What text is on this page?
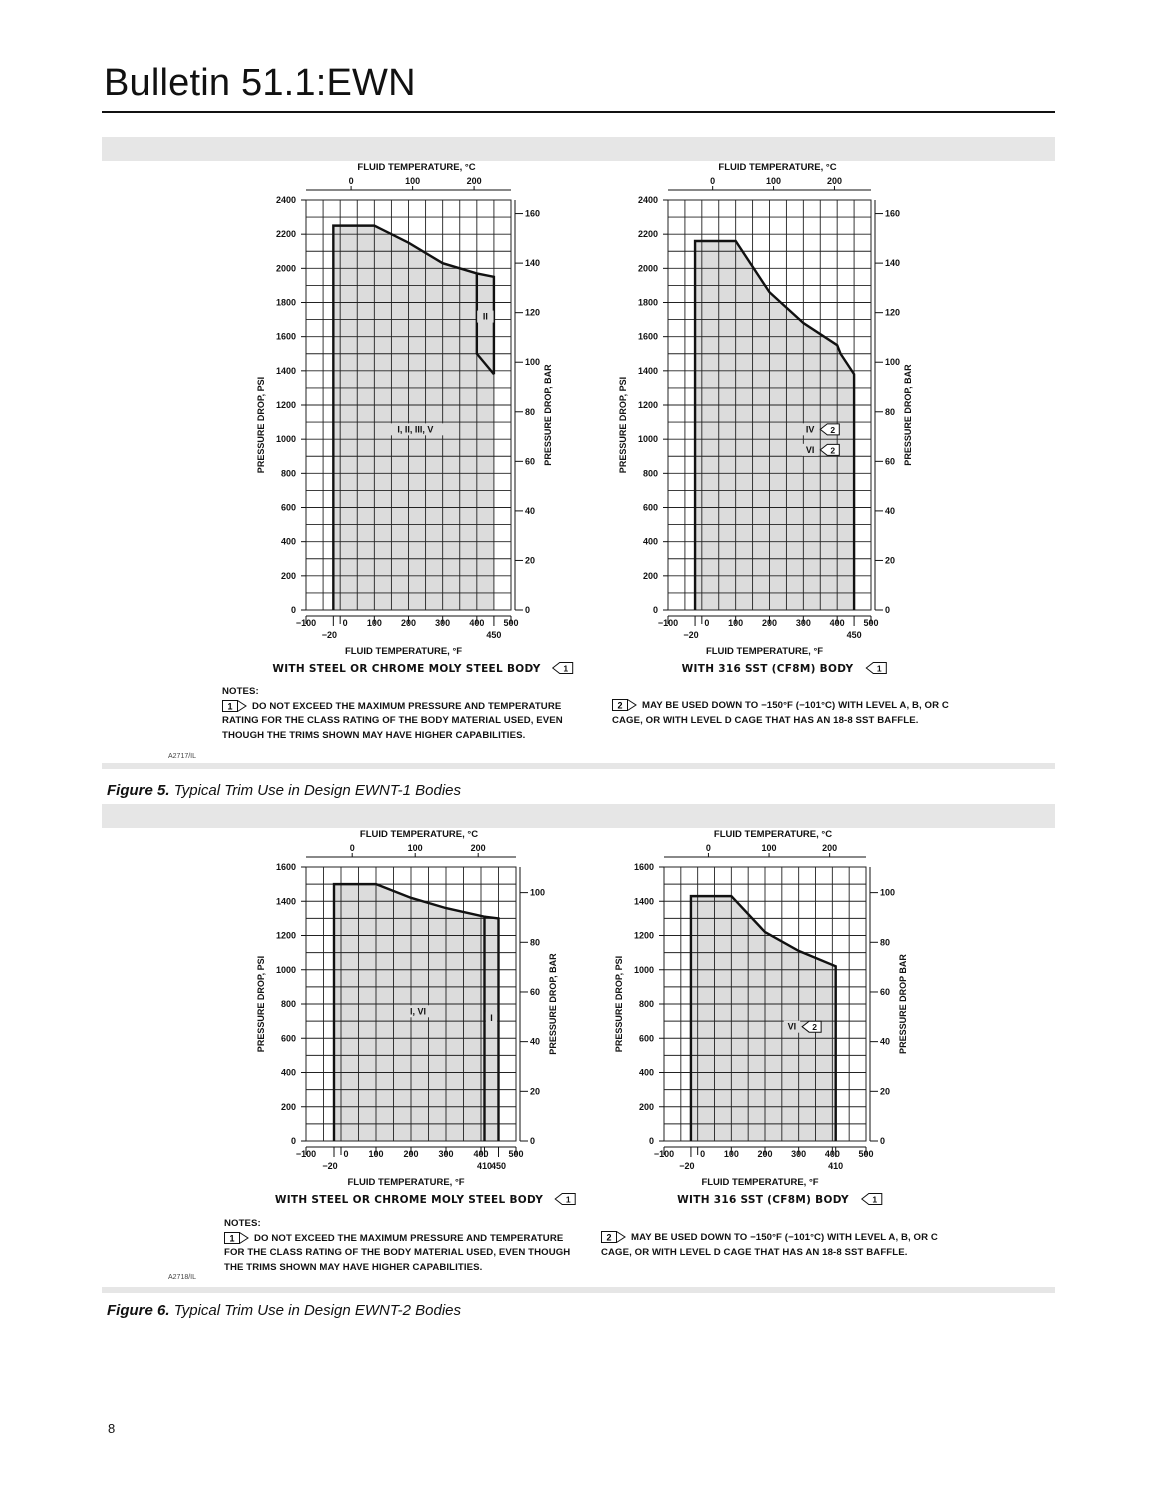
Bulletin 51.1:EWN
Figure 5. Typical Trim Use in Design EWNT-1 Bodies
A2717/IL
Figure 6. Typical Trim Use in Design EWNT-2 Bodies
A2718/IL
0
200
400
600
800
1000
1200
1400
1600
1800
2000
2200
2400
0
20
40
60
80
100
120
140
160
0	100	200
FLUID TEMPERATURE, °C
−100	0 100 200 300 400 500
−20	450
FLUID TEMPERATURE, °F
WITH STEEL OR CHROME MOLY STEEL BODY	1
PRESSURE DROP, PSI	PRESSURE DROP, BAR
I, II, III, V
II
0
200
400
600
800
1000
1200
1400
1600
1800
2000
2200
2400
0
20
40
60
80
100
120
140
160
0	100	200
FLUID TEMPERATURE, °C
−100	0 100 200 300 400 500
−20	450
FLUID TEMPERATURE, °F
WITH 316 SST (CF8M) BODY	1
PRESSURE DROP, PSI	PRESSURE DROP, BAR
IV 2
VI 2
0
200
400
600
800
1000
1200
1400
1600
0
20
40
60
80
100
0	100	200
FLUID TEMPERATURE, °C
−100	0 100 200 300 400 500
−20	410
450
FLUID TEMPERATURE, °F
WITH STEEL OR CHROME MOLY STEEL BODY	1
PRESSURE DROP, PSI	PRESSURE DROP, BAR
I, VI
I
0
200
400
600
800
1000
1200
1400
1600
0
20
40
60
80
100
0	100	200
FLUID TEMPERATURE, °C
−100	0 100 200 300 400 500
−20	410
FLUID TEMPERATURE, °F
WITH 316 SST (CF8M) BODY	1
PRESSURE DROP, PSI	PRESSURE DROP BAR
VI 2
NOTES:
1 DO NOT EXCEED THE MAXIMUM PRESSURE AND TEMPERATURE RATING FOR THE CLASS RATING OF THE BODY MATERIAL USED, EVEN THOUGH THE TRIMS SHOWN MAY HAVE HIGHER CAPABILITIES.
2 MAY BE USED DOWN TO −150°F (−101°C) WITH LEVEL A, B, OR C CAGE, OR WITH LEVEL D CAGE THAT HAS AN 18-8 SST BAFFLE.
NOTES:
1 DO NOT EXCEED THE MAXIMUM PRESSURE AND TEMPERATURE FOR THE CLASS RATING OF THE BODY MATERIAL USED, EVEN THOUGH THE TRIMS SHOWN MAY HAVE HIGHER CAPABILITIES.
2 MAY BE USED DOWN TO −150°F (−101°C) WITH LEVEL A, B, OR C CAGE, OR WITH LEVEL D CAGE THAT HAS AN 18-8 SST BAFFLE.
8
